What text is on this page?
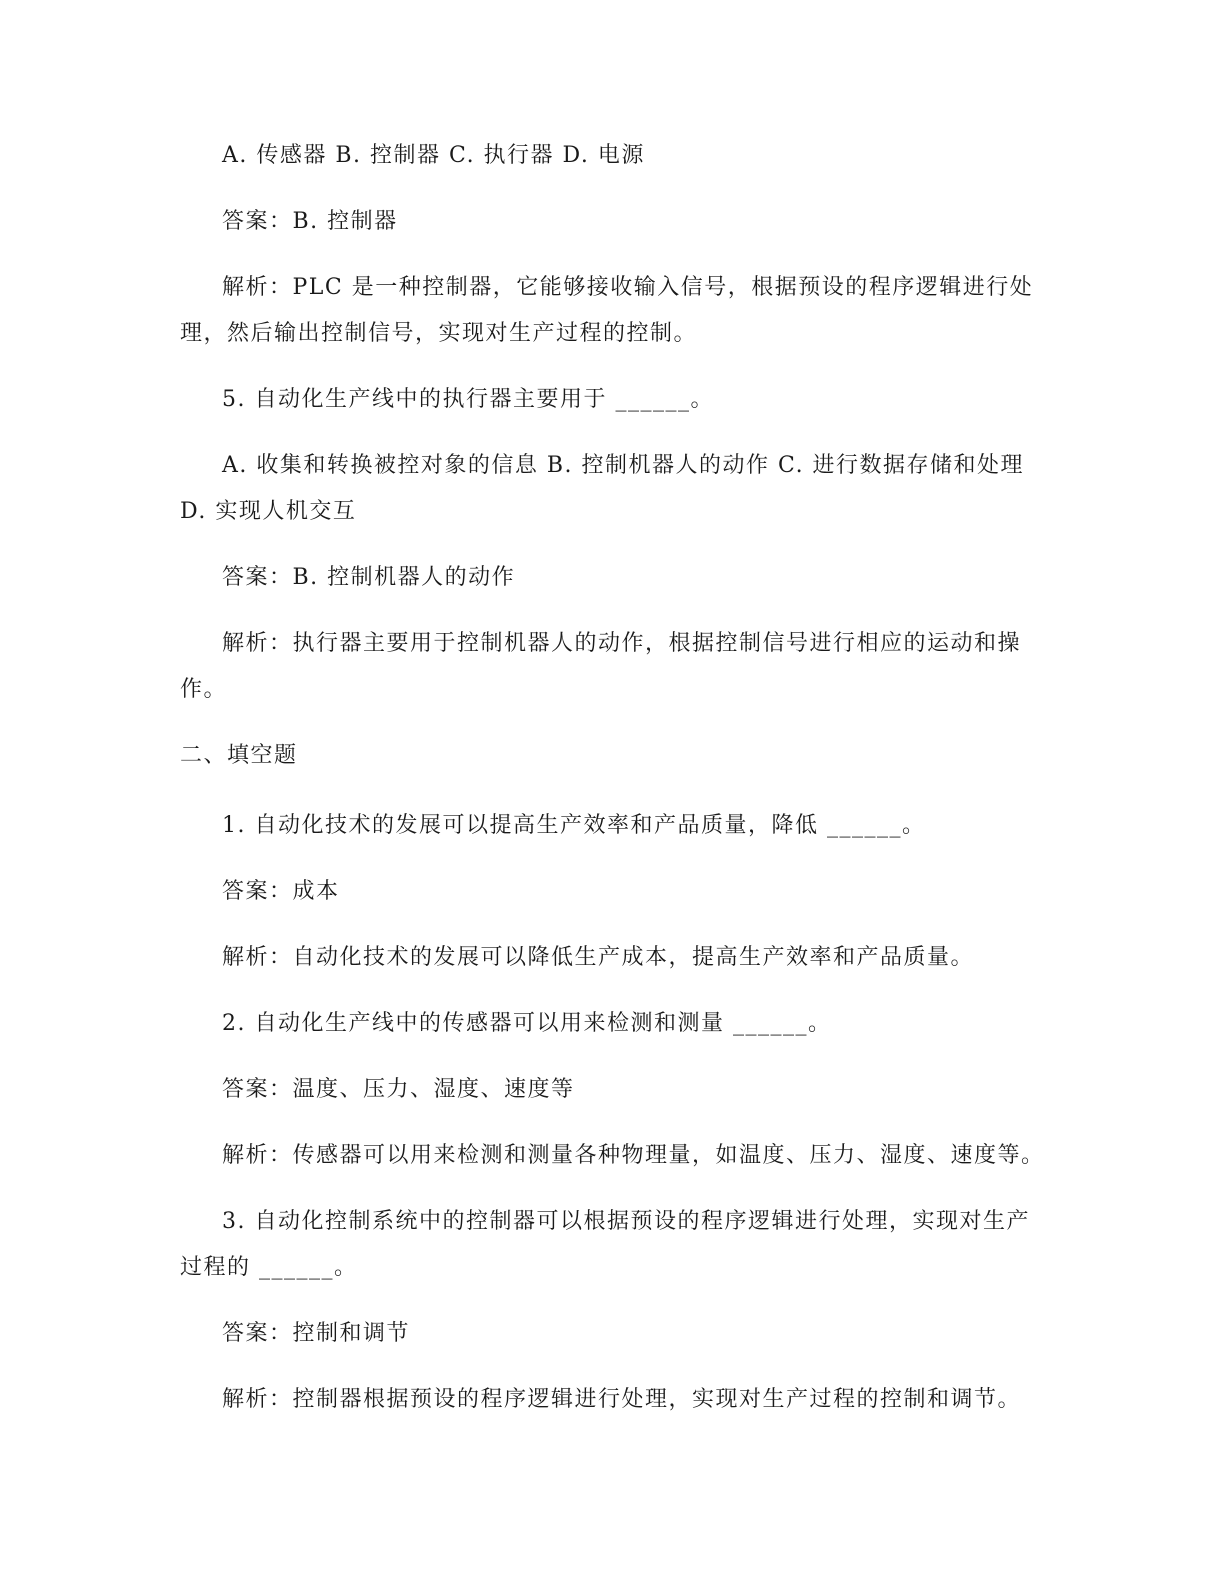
A. 传感器 B. 控制器 C. 执行器 D. 电源
答案：B. 控制器
解析：PLC 是一种控制器，它能够接收输入信号，根据预设的程序逻辑进行处
理，然后输出控制信号，实现对生产过程的控制。
5. 自动化生产线中的执行器主要用于 ______。
A. 收集和转换被控对象的信息 B. 控制机器人的动作 C. 进行数据存储和处理
D. 实现人机交互
答案：B. 控制机器人的动作
解析：执行器主要用于控制机器人的动作，根据控制信号进行相应的运动和操
作。
二、填空题
1. 自动化技术的发展可以提高生产效率和产品质量，降低 ______。
答案：成本
解析：自动化技术的发展可以降低生产成本，提高生产效率和产品质量。
2. 自动化生产线中的传感器可以用来检测和测量 ______。
答案：温度、压力、湿度、速度等
解析：传感器可以用来检测和测量各种物理量，如温度、压力、湿度、速度等。
3. 自动化控制系统中的控制器可以根据预设的程序逻辑进行处理，实现对生产
过程的 ______。
答案：控制和调节
解析：控制器根据预设的程序逻辑进行处理，实现对生产过程的控制和调节。
